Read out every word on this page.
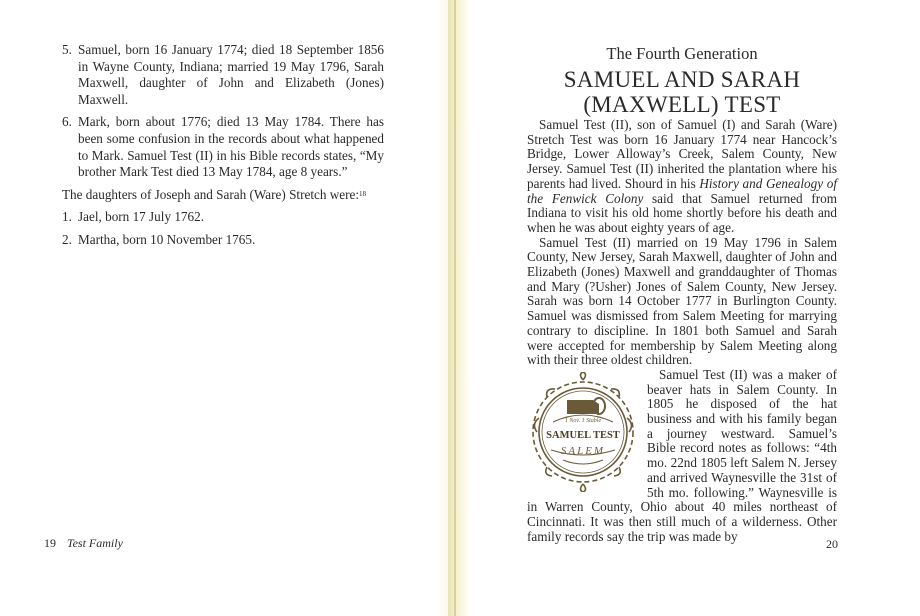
5. Samuel, born 16 January 1774; died 18 September 1856 in Wayne County, Indiana; married 19 May 1796, Sarah Maxwell, daughter of John and Elizabeth (Jones) Maxwell.
6. Mark, born about 1776; died 13 May 1784. There has been some confusion in the records about what happened to Mark. Samuel Test (II) in his Bible records states, “My brother Mark Test died 13 May 1784, age 8 years.”

The daughters of Joseph and Sarah (Ware) Stretch were:$^{18}$

1. Jael, born 17 July 1762.
2. Martha, born 10 November 1765.
19 Test Family
The Fourth Generation
SAMUEL AND SARAH
(MAXWELL) TEST

Samuel Test (II), son of Samuel (I) and Sarah (Ware) Stretch Test was born 16 January 1774 near Hancock’s Bridge, Lower Alloway’s Creek, Salem County, New Jersey. Samuel Test (II) inherited the plantation where his parents had lived. Shourd in his History and Genealogy of the Fenwick Colony said that Samuel returned from Indiana to visit his old home shortly before his death and when he was about eighty years of age.

Samuel Test (II) married on 19 May 1796 in Salem County, New Jersey, Sarah Maxwell, daughter of John and Elizabeth (Jones) Maxwell and granddaughter of Thomas and Mary (?Usher) Jones of Salem County, New Jersey. Sarah was born 14 October 1777 in Burlington County. Samuel was dismissed from Salem Meeting for marrying contrary to discipline. In 1801 both Samuel and Sarah were accepted for membership by Salem Meeting along with their three oldest children.

1 Nov. 1 Stable
SAMUEL TEST
SALEM

Samuel Test (II) was a maker of beaver hats in Salem County. In 1805 he disposed of the hat business and with his family began a journey westward. Samuel’s Bible record notes as follows: “4th mo. 22nd 1805 left Salem N. Jersey and arrived Waynesville the 31st of 5th mo. following.” Waynesville is in Warren County, Ohio about 40 miles northeast of Cincinnati. It was then still much of a wilderness. Other family records say the trip was made by

20
